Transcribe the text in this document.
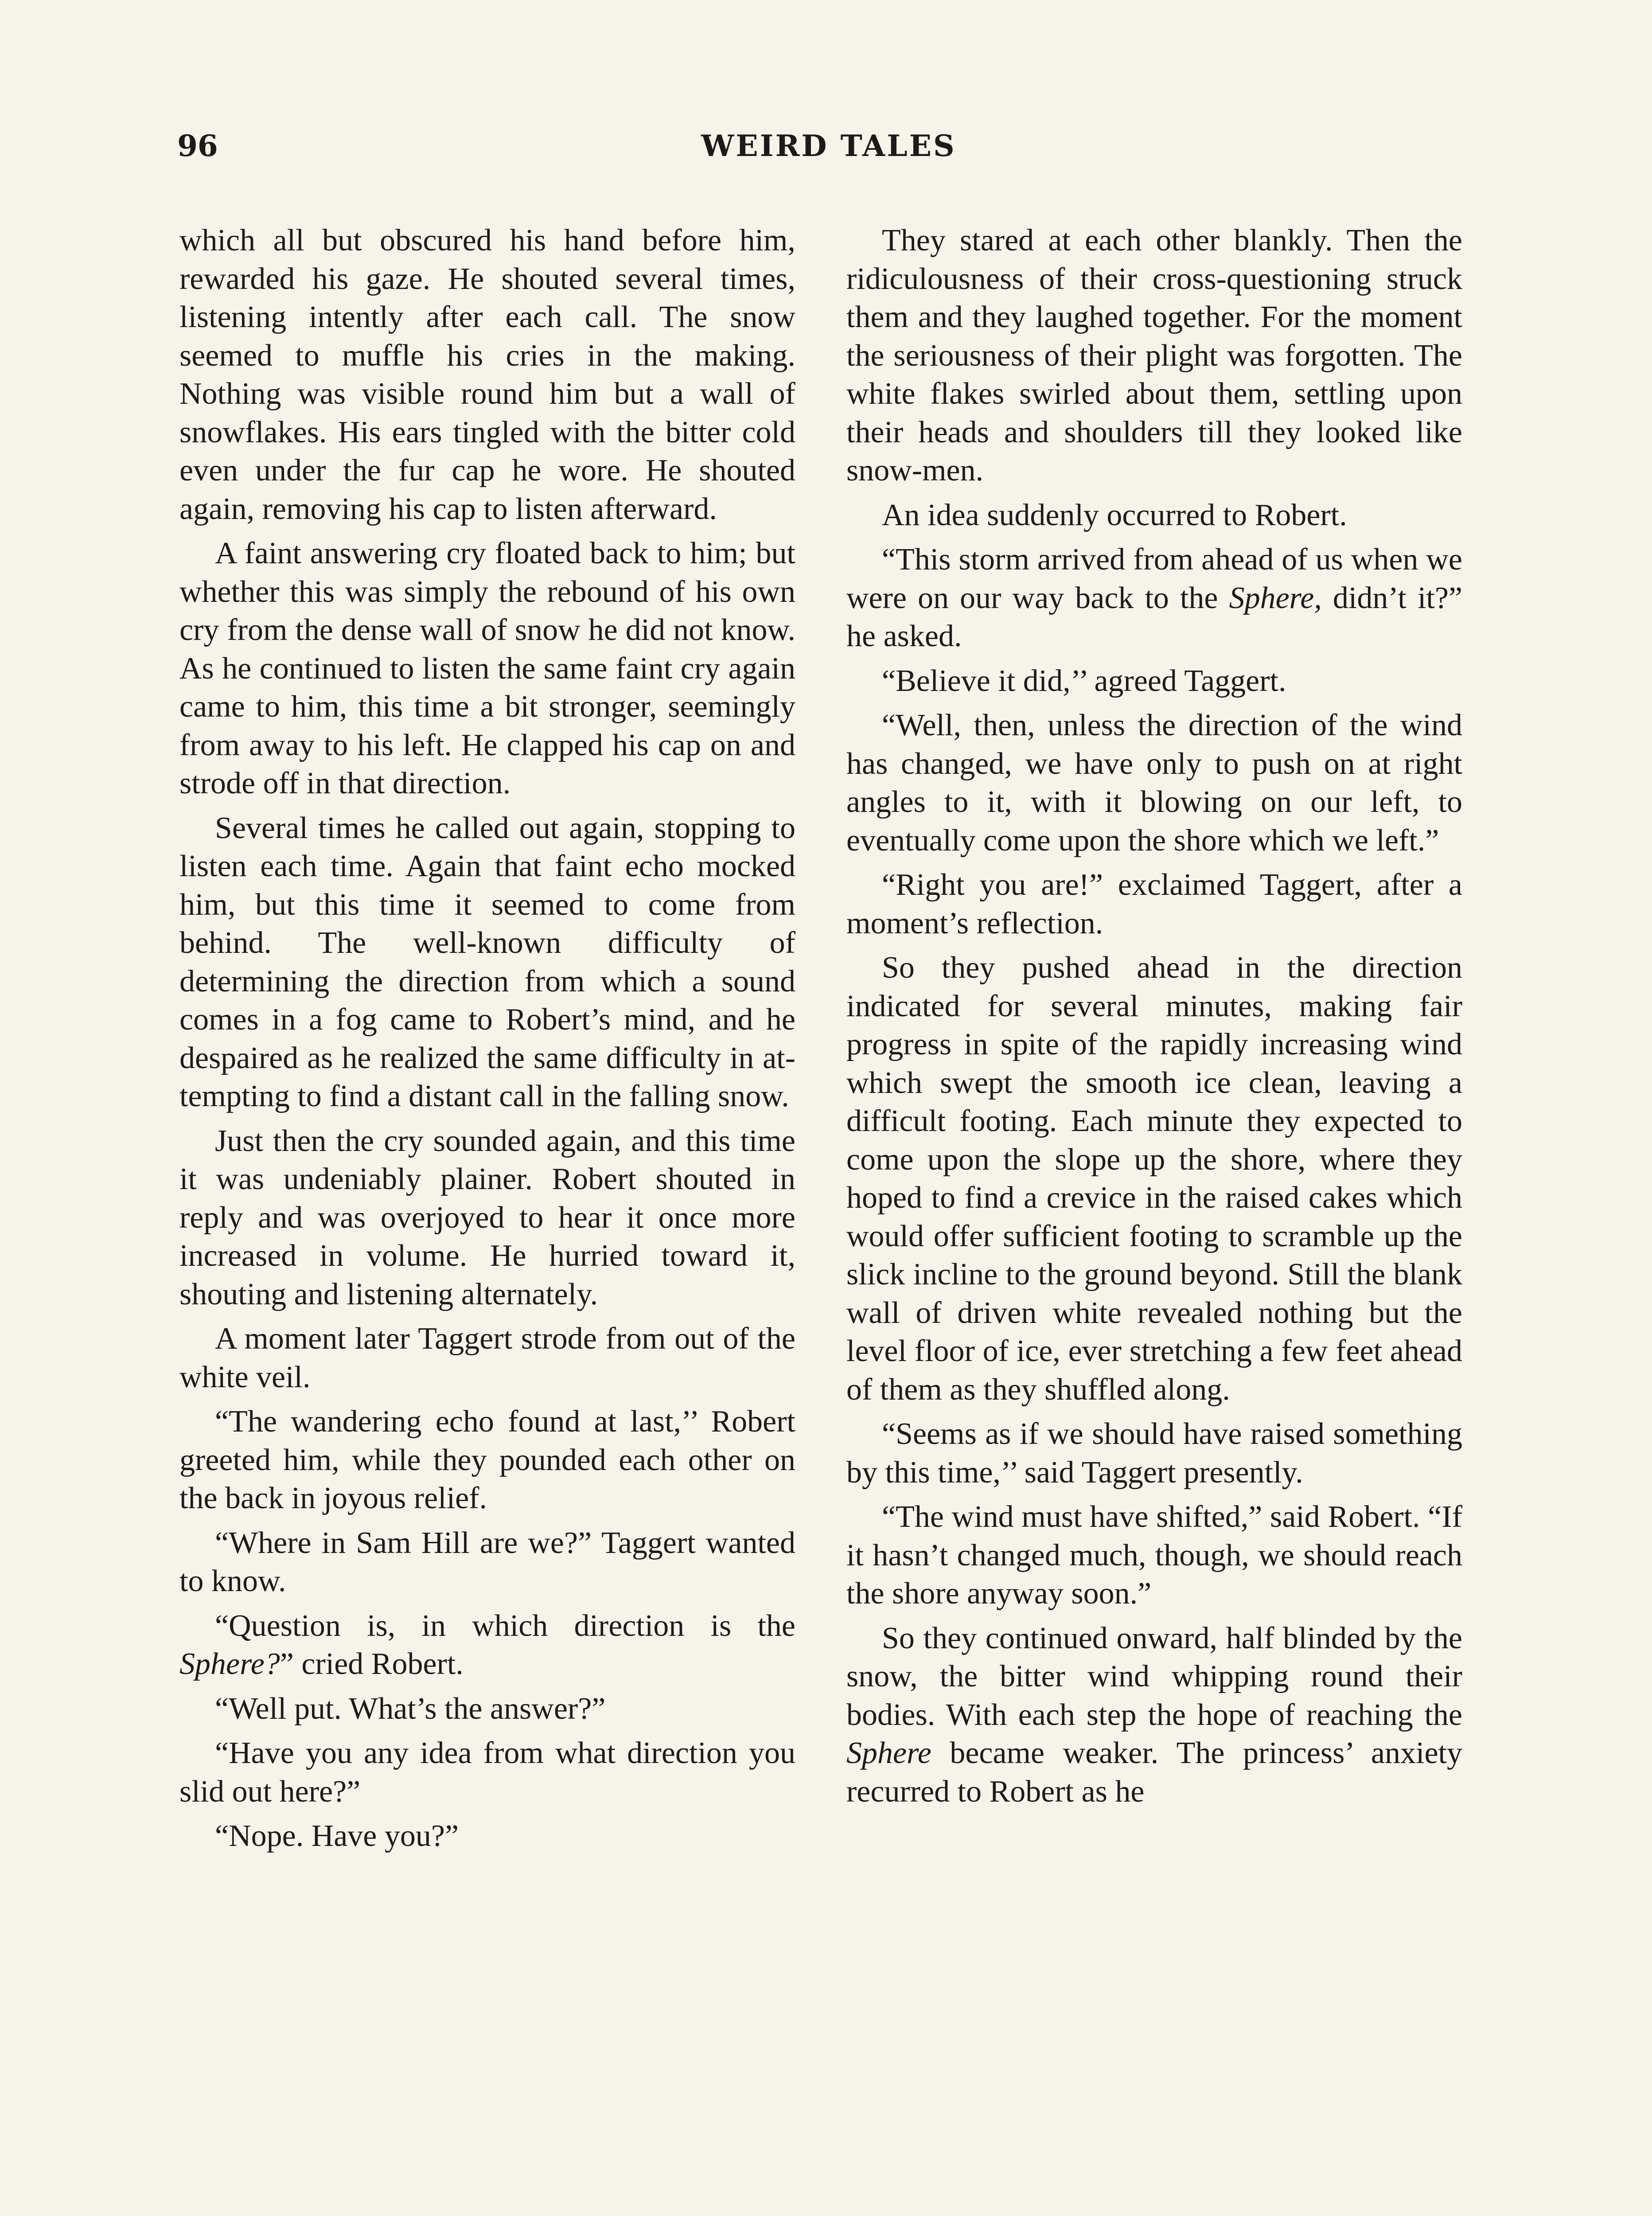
96	WEIRD TALES

which all but obscured his hand before him, rewarded his gaze. He shouted several times, listening intently after each call. The snow seemed to muffle his cries in the making. Nothing was visible round him but a wall of snowflakes. His ears tingled with the bitter cold even under the fur cap he wore. He shouted again, removing his cap to listen afterward.

A faint answering cry floated back to him; but whether this was simply the rebound of his own cry from the dense wall of snow he did not know. As he continued to listen the same faint cry again came to him, this time a bit stronger, seemingly from away to his left. He clapped his cap on and strode off in that direction.

Several times he called out again, stopping to listen each time. Again that faint echo mocked him, but this time it seemed to come from behind. The well-known difficulty of determining the direction from which a sound comes in a fog came to Robert’s mind, and he despaired as he realized the same difficulty in attempting to find a distant call in the falling snow.

Just then the cry sounded again, and this time it was undeniably plainer. Robert shouted in reply and was overjoyed to hear it once more increased in volume. He hurried toward it, shouting and listening alternately.

A moment later Taggert strode from out of the white veil.

“The wandering echo found at last,’’ Robert greeted him, while they pounded each other on the back in joyous relief.

“Where in Sam Hill are we?” Taggert wanted to know.

“Question is, in which direction is the Sphere?” cried Robert.

“Well put. What’s the answer?”

“Have you any idea from what direction you slid out here?”

“Nope. Have you?”

They stared at each other blankly. Then the ridiculousness of their cross-questioning struck them and they laughed together. For the moment the seriousness of their plight was forgotten. The white flakes swirled about them, settling upon their heads and shoulders till they looked like snow-men.

An idea suddenly occurred to Robert.

“This storm arrived from ahead of us when we were on our way back to the Sphere, didn’t it?” he asked.

“Believe it did,’’ agreed Taggert.

“Well, then, unless the direction of the wind has changed, we have only to push on at right angles to it, with it blowing on our left, to eventually come upon the shore which we left.”

“Right you are!” exclaimed Taggert, after a moment’s reflection.

So they pushed ahead in the direction indicated for several minutes, making fair progress in spite of the rapidly increasing wind which swept the smooth ice clean, leaving a difficult footing. Each minute they expected to come upon the slope up the shore, where they hoped to find a crevice in the raised cakes which would offer sufficient footing to scramble up the slick incline to the ground beyond. Still the blank wall of driven white revealed nothing but the level floor of ice, ever stretching a few feet ahead of them as they shuffled along.

“Seems as if we should have raised something by this time,’’ said Taggert presently.

“The wind must have shifted,” said Robert. “If it hasn’t changed much, though, we should reach the shore anyway soon.”

So they continued onward, half blinded by the snow, the bitter wind whipping round their bodies. With each step the hope of reaching the Sphere became weaker. The princess’ anxiety recurred to Robert as he
